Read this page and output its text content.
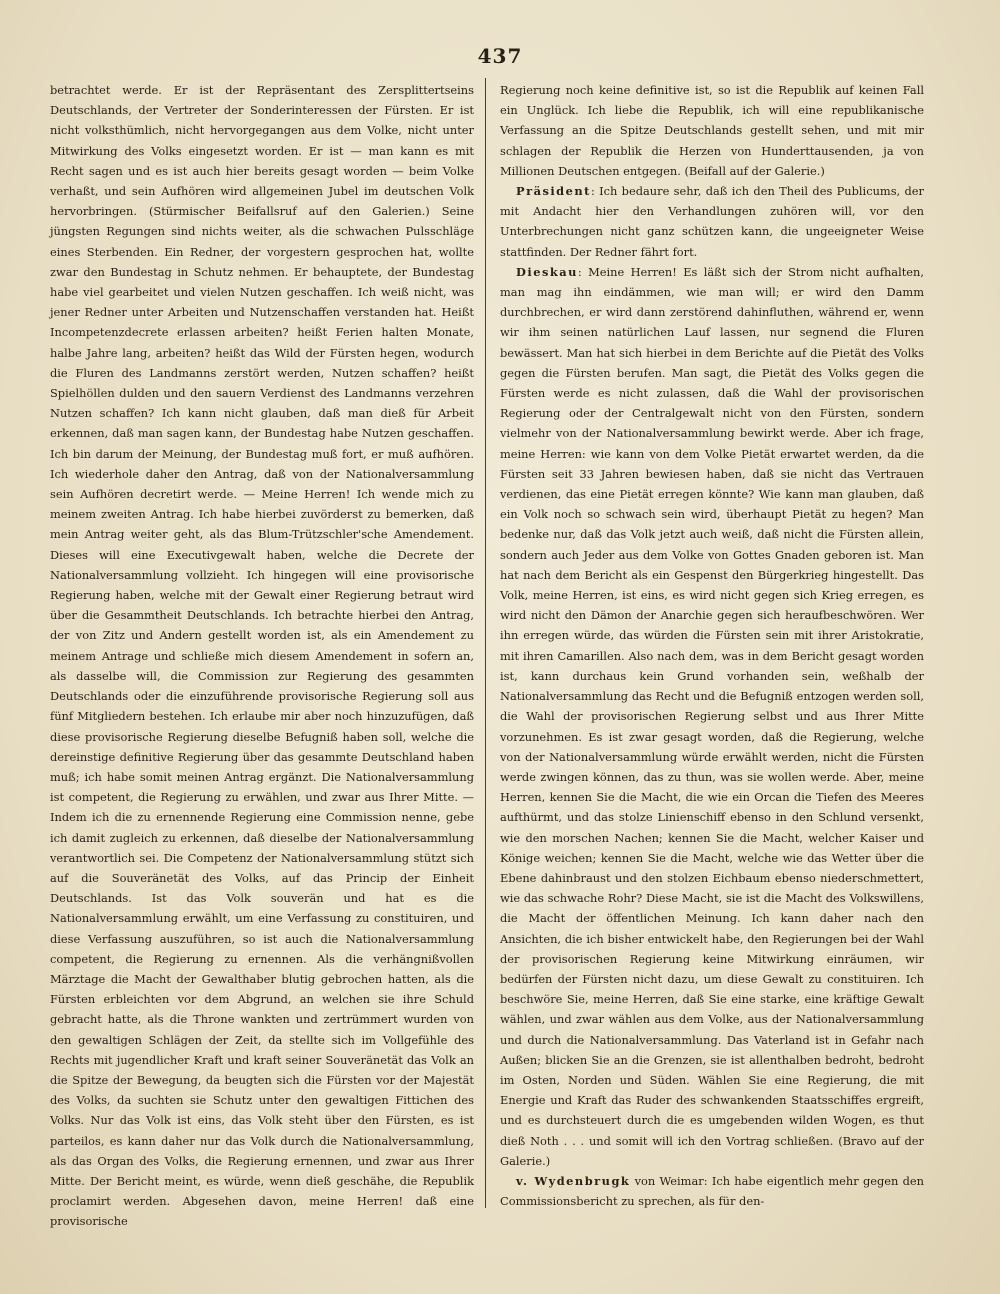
437

betrachtet werde. Er ist der Repräsentant des Zersplittertseins Deutschlands, der Vertreter der Sonderinteressen der Fürsten. Er ist nicht volksthümlich, nicht hervorgegangen aus dem Volke, nicht unter Mitwirkung des Volks eingesetzt worden. Er ist — man kann es mit Recht sagen und es ist auch hier bereits gesagt worden — beim Volke verhaßt, und sein Aufhören wird allgemeinen Jubel im deutschen Volk hervorbringen. (Stürmischer Beifallsruf auf den Galerien.) Seine jüngsten Regungen sind nichts weiter, als die schwachen Pulsschläge eines Sterbenden. Ein Redner, der vorgestern gesprochen hat, wollte zwar den Bundestag in Schutz nehmen. Er behauptete, der Bundestag habe viel gearbeitet und vielen Nutzen geschaffen. Ich weiß nicht, was jener Redner unter Arbeiten und Nutzenschaffen verstanden hat. Heißt Incompetenzdecrete erlassen arbeiten? heißt Ferien halten Monate, halbe Jahre lang, arbeiten? heißt das Wild der Fürsten hegen, wodurch die Fluren des Landmanns zerstört werden, Nutzen schaffen? heißt Spielhöllen dulden und den sauern Verdienst des Landmanns verzehren Nutzen schaffen? Ich kann nicht glauben, daß man dieß für Arbeit erkennen, daß man sagen kann, der Bundestag habe Nutzen geschaffen. Ich bin darum der Meinung, der Bundestag muß fort, er muß aufhören. Ich wiederhole daher den Antrag, daß von der Nationalversammlung sein Aufhören decretirt werde. — Meine Herren! Ich wende mich zu meinem zweiten Antrag. Ich habe hierbei zuvörderst zu bemerken, daß mein Antrag weiter geht, als das Blum-Trützschler'sche Amendement. Dieses will eine Executivgewalt haben, welche die Decrete der Nationalversammlung vollzieht. Ich hingegen will eine provisorische Regierung haben, welche mit der Gewalt einer Regierung betraut wird über die Gesammtheit Deutschlands. Ich betrachte hierbei den Antrag, der von Zitz und Andern gestellt worden ist, als ein Amendement zu meinem Antrage und schließe mich diesem Amendement in sofern an, als dasselbe will, die Commission zur Regierung des gesammten Deutschlands oder die einzuführende provisorische Regierung soll aus fünf Mitgliedern bestehen. Ich erlaube mir aber noch hinzuzufügen, daß diese provisorische Regierung dieselbe Befugniß haben soll, welche die dereinstige definitive Regierung über das gesammte Deutschland haben muß; ich habe somit meinen Antrag ergänzt. Die Nationalversammlung ist competent, die Regierung zu erwählen, und zwar aus Ihrer Mitte. — Indem ich die zu ernennende Regierung eine Commission nenne, gebe ich damit zugleich zu erkennen, daß dieselbe der Nationalversammlung verantwortlich sei. Die Competenz der Nationalversammlung stützt sich auf die Souveränetät des Volks, auf das Princip der Einheit Deutschlands. Ist das Volk souverän und hat es die Nationalversammlung erwählt, um eine Verfassung zu constituiren, und diese Verfassung auszuführen, so ist auch die Nationalversammlung competent, die Regierung zu ernennen. Als die verhängnißvollen Märztage die Macht der Gewalthaber blutig gebrochen hatten, als die Fürsten erbleichten vor dem Abgrund, an welchen sie ihre Schuld gebracht hatte, als die Throne wankten und zertrümmert wurden von den gewaltigen Schlägen der Zeit, da stellte sich im Vollgefühle des Rechts mit jugendlicher Kraft und kraft seiner Souveränetät das Volk an die Spitze der Bewegung, da beugten sich die Fürsten vor der Majestät des Volks, da suchten sie Schutz unter den gewaltigen Fittichen des Volks. Nur das Volk ist eins, das Volk steht über den Fürsten, es ist parteilos, es kann daher nur das Volk durch die Nationalversammlung, als das Organ des Volks, die Regierung ernennen, und zwar aus Ihrer Mitte. Der Bericht meint, es würde, wenn dieß geschähe, die Republik proclamirt werden. Abgesehen davon, meine Herren! daß eine provisorische

Regierung noch keine definitive ist, so ist die Republik auf keinen Fall ein Unglück. Ich liebe die Republik, ich will eine republikanische Verfassung an die Spitze Deutschlands gestellt sehen, und mit mir schlagen der Republik die Herzen von Hunderttausenden, ja von Millionen Deutschen entgegen. (Beifall auf der Galerie.)

Präsident: Ich bedaure sehr, daß ich den Theil des Publicums, der mit Andacht hier den Verhandlungen zuhören will, vor den Unterbrechungen nicht ganz schützen kann, die ungeeigneter Weise stattfinden. Der Redner fährt fort.

Dieskau: Meine Herren! Es läßt sich der Strom nicht aufhalten, man mag ihn eindämmen, wie man will; er wird den Damm durchbrechen, er wird dann zerstörend dahinfluthen, während er, wenn wir ihm seinen natürlichen Lauf lassen, nur segnend die Fluren bewässert. Man hat sich hierbei in dem Berichte auf die Pietät des Volks gegen die Fürsten berufen. Man sagt, die Pietät des Volks gegen die Fürsten werde es nicht zulassen, daß die Wahl der provisorischen Regierung oder der Centralgewalt nicht von den Fürsten, sondern vielmehr von der Nationalversammlung bewirkt werde. Aber ich frage, meine Herren: wie kann von dem Volke Pietät erwartet werden, da die Fürsten seit 33 Jahren bewiesen haben, daß sie nicht das Vertrauen verdienen, das eine Pietät erregen könnte? Wie kann man glauben, daß ein Volk noch so schwach sein wird, überhaupt Pietät zu hegen? Man bedenke nur, daß das Volk jetzt auch weiß, daß nicht die Fürsten allein, sondern auch Jeder aus dem Volke von Gottes Gnaden geboren ist. Man hat nach dem Bericht als ein Gespenst den Bürgerkrieg hingestellt. Das Volk, meine Herren, ist eins, es wird nicht gegen sich Krieg erregen, es wird nicht den Dämon der Anarchie gegen sich heraufbeschwören. Wer ihn erregen würde, das würden die Fürsten sein mit ihrer Aristokratie, mit ihren Camarillen. Also nach dem, was in dem Bericht gesagt worden ist, kann durchaus kein Grund vorhanden sein, weßhalb der Nationalversammlung das Recht und die Befugniß entzogen werden soll, die Wahl der provisorischen Regierung selbst und aus Ihrer Mitte vorzunehmen. Es ist zwar gesagt worden, daß die Regierung, welche von der Nationalversammlung würde erwählt werden, nicht die Fürsten werde zwingen können, das zu thun, was sie wollen werde. Aber, meine Herren, kennen Sie die Macht, die wie ein Orcan die Tiefen des Meeres aufthürmt, und das stolze Linienschiff ebenso in den Schlund versenkt, wie den morschen Nachen; kennen Sie die Macht, welcher Kaiser und Könige weichen; kennen Sie die Macht, welche wie das Wetter über die Ebene dahinbraust und den stolzen Eichbaum ebenso niederschmettert, wie das schwache Rohr? Diese Macht, sie ist die Macht des Volkswillens, die Macht der öffentlichen Meinung. Ich kann daher nach den Ansichten, die ich bisher entwickelt habe, den Regierungen bei der Wahl der provisorischen Regierung keine Mitwirkung einräumen, wir bedürfen der Fürsten nicht dazu, um diese Gewalt zu constituiren. Ich beschwöre Sie, meine Herren, daß Sie eine starke, eine kräftige Gewalt wählen, und zwar wählen aus dem Volke, aus der Nationalversammlung und durch die Nationalversammlung. Das Vaterland ist in Gefahr nach Außen; blicken Sie an die Grenzen, sie ist allenthalben bedroht, bedroht im Osten, Norden und Süden. Wählen Sie eine Regierung, die mit Energie und Kraft das Ruder des schwankenden Staatsschiffes ergreift, und es durchsteuert durch die es umgebenden wilden Wogen, es thut dieß Noth . . . und somit will ich den Vortrag schließen. (Bravo auf der Galerie.)

v. Wydenbrugk von Weimar: Ich habe eigentlich mehr gegen den Commissionsbericht zu sprechen, als für den-
